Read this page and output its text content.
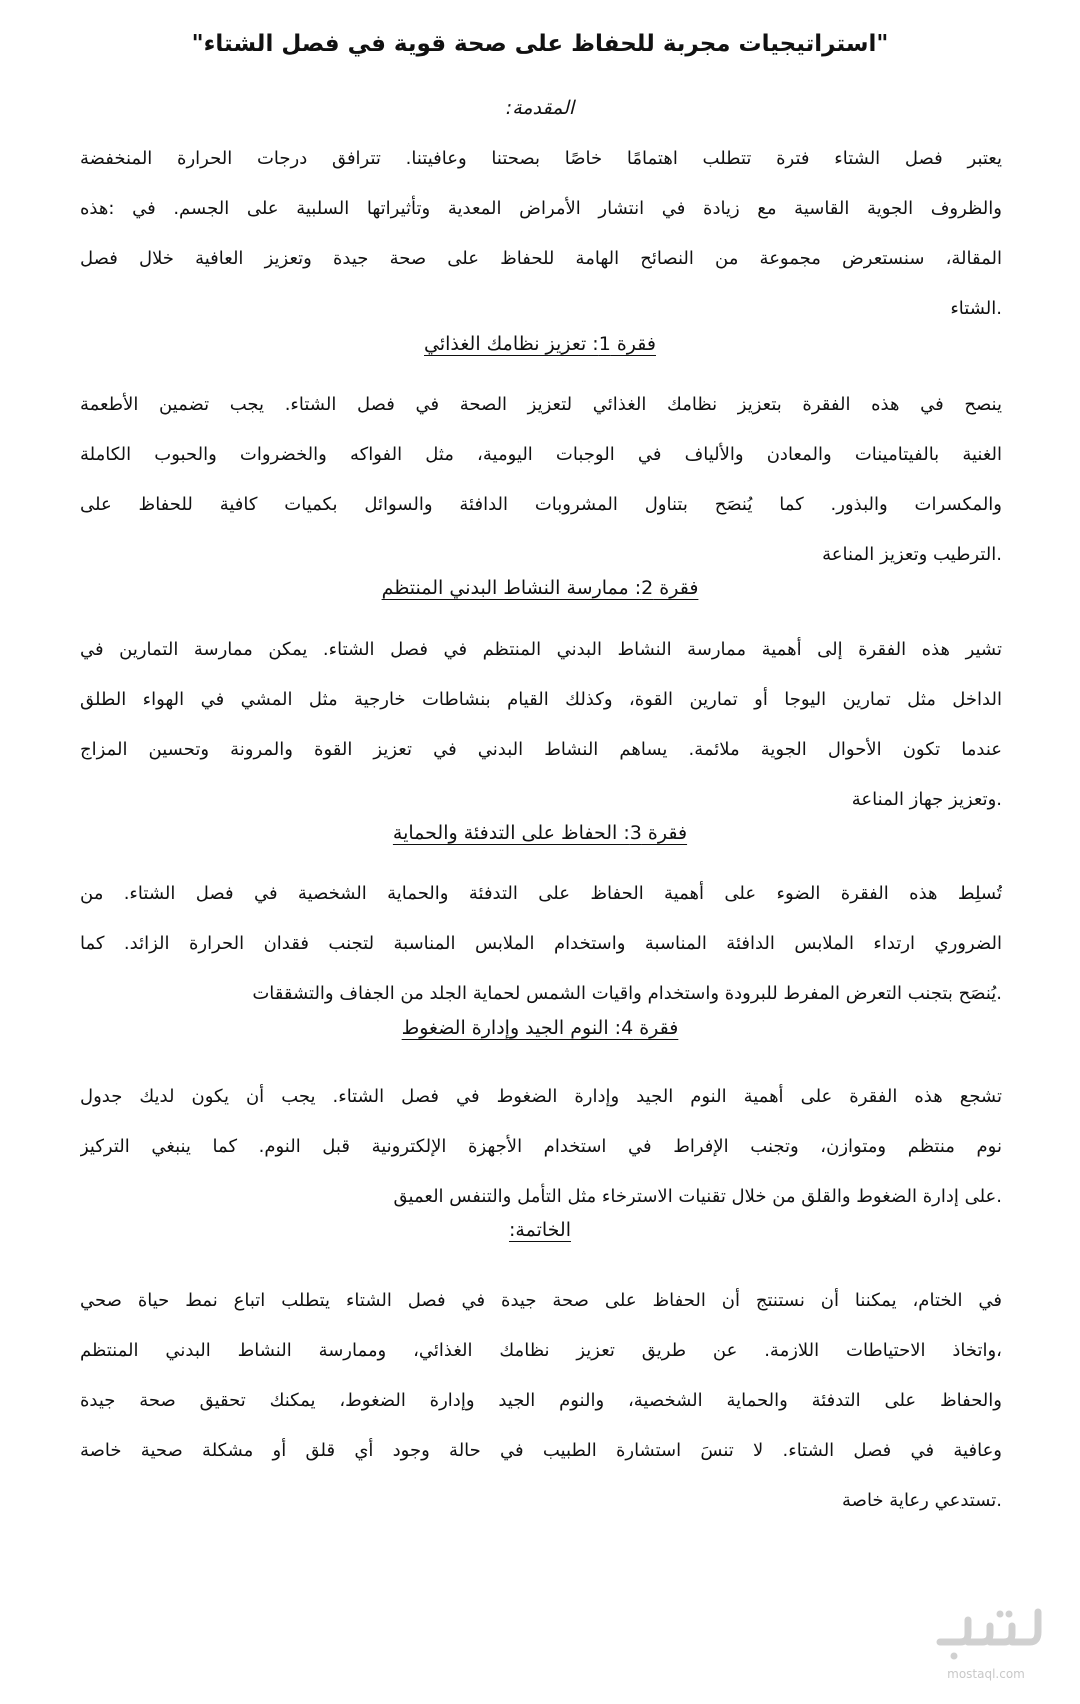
"استراتيجيات مجربة للحفاظ على صحة قوية في فصل الشتاء"
المقدمة:
يعتبر فصل الشتاء فترة تتطلب اهتمامًا خاصًا بصحتنا وعافيتنا. تترافق درجات الحرارة المنخفضة
والظروف الجوية القاسية مع زيادة في انتشار الأمراض المعدية وتأثيراتها السلبية على الجسم. في :هذه
المقالة، سنستعرض مجموعة من النصائح الهامة للحفاظ على صحة جيدة وتعزيز العافية خلال فصل
.الشتاء
فقرة 1: تعزيز نظامك الغذائي
ينصح في هذه الفقرة بتعزيز نظامك الغذائي لتعزيز الصحة في فصل الشتاء. يجب تضمين الأطعمة
الغنية بالفيتامينات والمعادن والألياف في الوجبات اليومية، مثل الفواكه والخضروات والحبوب الكاملة
والمكسرات والبذور. كما يُنصَح بتناول المشروبات الدافئة والسوائل بكميات كافية للحفاظ على
.الترطيب وتعزيز المناعة
فقرة 2: ممارسة النشاط البدني المنتظم
تشير هذه الفقرة إلى أهمية ممارسة النشاط البدني المنتظم في فصل الشتاء. يمكن ممارسة التمارين في
الداخل مثل تمارين اليوجا أو تمارين القوة، وكذلك القيام بنشاطات خارجية مثل المشي في الهواء الطلق
عندما تكون الأحوال الجوية ملائمة. يساهم النشاط البدني في تعزيز القوة والمرونة وتحسين المزاج
.وتعزيز جهاز المناعة
فقرة 3: الحفاظ على التدفئة والحماية
تُسلِط هذه الفقرة الضوء على أهمية الحفاظ على التدفئة والحماية الشخصية في فصل الشتاء. من
الضروري ارتداء الملابس الدافئة المناسبة واستخدام الملابس المناسبة لتجنب فقدان الحرارة الزائد. كما
.يُنصَح بتجنب التعرض المفرط للبرودة واستخدام واقيات الشمس لحماية الجلد من الجفاف والتشققات
فقرة 4: النوم الجيد وإدارة الضغوط
تشجع هذه الفقرة على أهمية النوم الجيد وإدارة الضغوط في فصل الشتاء. يجب أن يكون لديك جدول
نوم منتظم ومتوازن، وتجنب الإفراط في استخدام الأجهزة الإلكترونية قبل النوم. كما ينبغي التركيز
.على إدارة الضغوط والقلق من خلال تقنيات الاسترخاء مثل التأمل والتنفس العميق
الخاتمة:
في الختام، يمكننا أن نستنتج أن الحفاظ على صحة جيدة في فصل الشتاء يتطلب اتباع نمط حياة صحي
،واتخاذ الاحتياطات اللازمة. عن طريق تعزيز نظامك الغذائي، وممارسة النشاط البدني المنتظم
والحفاظ على التدفئة والحماية الشخصية، والنوم الجيد وإدارة الضغوط، يمكنك تحقيق صحة جيدة
وعافية في فصل الشتاء. لا تنسَ استشارة الطبيب في حالة وجود أي قلق أو مشكلة صحية خاصة
.تستدعي رعاية خاصة
mostaql.com
